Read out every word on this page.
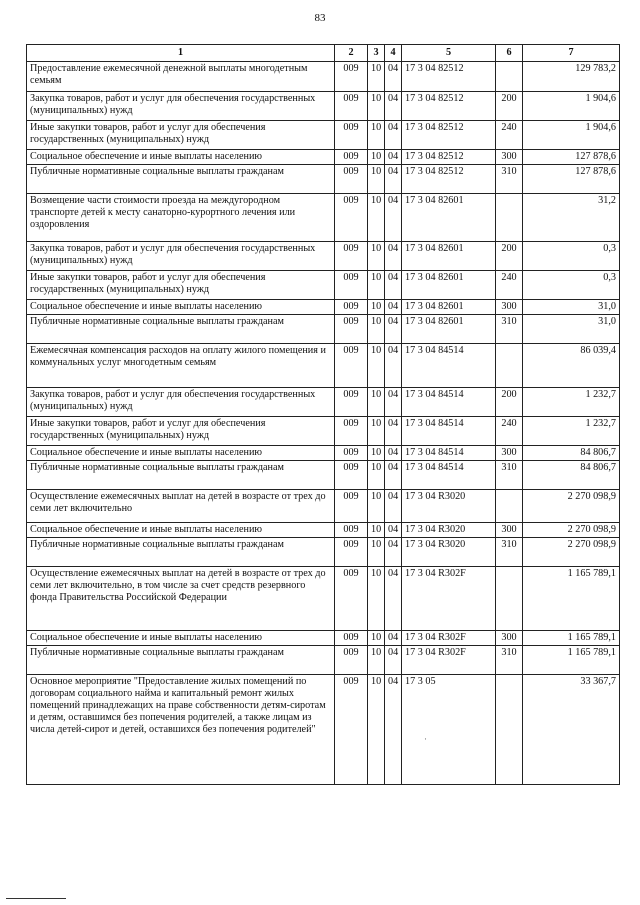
83
1	2	3	4	5	6	7
Предоставление ежемесячной денежной выплаты многодетным семьям	009	10	04	17 3 04 82512		129 783,2
Закупка товаров, работ и услуг для обеспечения государственных (муниципальных) нужд	009	10	04	17 3 04 82512	200	1 904,6
Иные закупки товаров, работ и услуг для обеспечения государственных (муниципальных) нужд	009	10	04	17 3 04 82512	240	1 904,6
Социальное обеспечение и иные выплаты населению	009	10	04	17 3 04 82512	300	127 878,6
Публичные нормативные социальные выплаты гражданам	009	10	04	17 3 04 82512	310	127 878,6
Возмещение части стоимости проезда на междугородном транспорте детей к месту санаторно-курортного лечения или оздоровления	009	10	04	17 3 04 82601		31,2
Закупка товаров, работ и услуг для обеспечения государственных (муниципальных) нужд	009	10	04	17 3 04 82601	200	0,3
Иные закупки товаров, работ и услуг для обеспечения государственных (муниципальных) нужд	009	10	04	17 3 04 82601	240	0,3
Социальное обеспечение и иные выплаты населению	009	10	04	17 3 04 82601	300	31,0
Публичные нормативные социальные выплаты гражданам	009	10	04	17 3 04 82601	310	31,0
Ежемесячная компенсация расходов на оплату жилого помещения и коммунальных услуг многодетным семьям	009	10	04	17 3 04 84514		86 039,4
Закупка товаров, работ и услуг для обеспечения государственных (муниципальных) нужд	009	10	04	17 3 04 84514	200	1 232,7
Иные закупки товаров, работ и услуг для обеспечения государственных (муниципальных) нужд	009	10	04	17 3 04 84514	240	1 232,7
Социальное обеспечение и иные выплаты населению	009	10	04	17 3 04 84514	300	84 806,7
Публичные нормативные социальные выплаты гражданам	009	10	04	17 3 04 84514	310	84 806,7
Осуществление ежемесячных выплат на детей в возрасте от трех до семи лет включительно	009	10	04	17 3 04 R3020		2 270 098,9
Социальное обеспечение и иные выплаты населению	009	10	04	17 3 04 R3020	300	2 270 098,9
Публичные нормативные социальные выплаты гражданам	009	10	04	17 3 04 R3020	310	2 270 098,9
Осуществление ежемесячных выплат на детей в возрасте от трех до семи лет включительно, в том числе за счет средств резервного фонда Правительства Российской Федерации	009	10	04	17 3 04 R302F		1 165 789,1
Социальное обеспечение и иные выплаты населению	009	10	04	17 3 04 R302F	300	1 165 789,1
Публичные нормативные социальные выплаты гражданам	009	10	04	17 3 04 R302F	310	1 165 789,1
Основное мероприятие "Предоставление жилых помещений по договорам социального найма и капитальный ремонт жилых помещений принадлежащих на праве собственности детям-сиротам и детям, оставшимся без попечения родителей, а также лицам из числа детей-сирот и детей, оставшихся без попечения родителей"	009	10	04	17 3 05		33 367,7
·
